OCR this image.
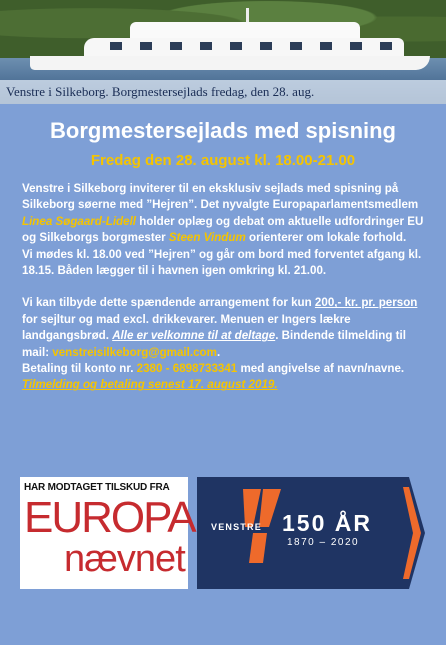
Venstre i Silkeborg. Borgmestersejlads fredag, den 28. aug.
Borgmestersejlads med spisning
Fredag den 28. august kl. 18.00-21.00

Venstre i Silkeborg inviterer til en eksklusiv sejlads med spisning på Silkeborg søerne med ”Hejren”. Det nyvalgte Europaparlamentsmedlem Linea Søgaard-Lidell holder oplæg og debat om aktuelle udfordringer EU og Silkeborgs borgmester Steen Vindum orienterer om lokale forhold.

Vi mødes kl. 18.00 ved ”Hejren” og går om bord med forventet afgang kl. 18.15. Båden lægger til i havnen igen omkring kl. 21.00.

Vi kan tilbyde dette spændende arrangement for kun 200,- kr. pr. person for sejltur og mad excl. drikkevarer. Menuen er Ingers lækre landgangsbrød. Alle er velkomne til at deltage. Bindende tilmelding til mail: venstreisilkeborg@gmail.com.

Betaling til konto nr. 2380 - 6898733341 med angivelse af navn/navne.

Tilmelding og betaling senest 17. august 2019.

HAR MODTAGET TILSKUD FRA
EUROPA
nævnet
VENSTRE 150 ÅR
1870 – 2020
